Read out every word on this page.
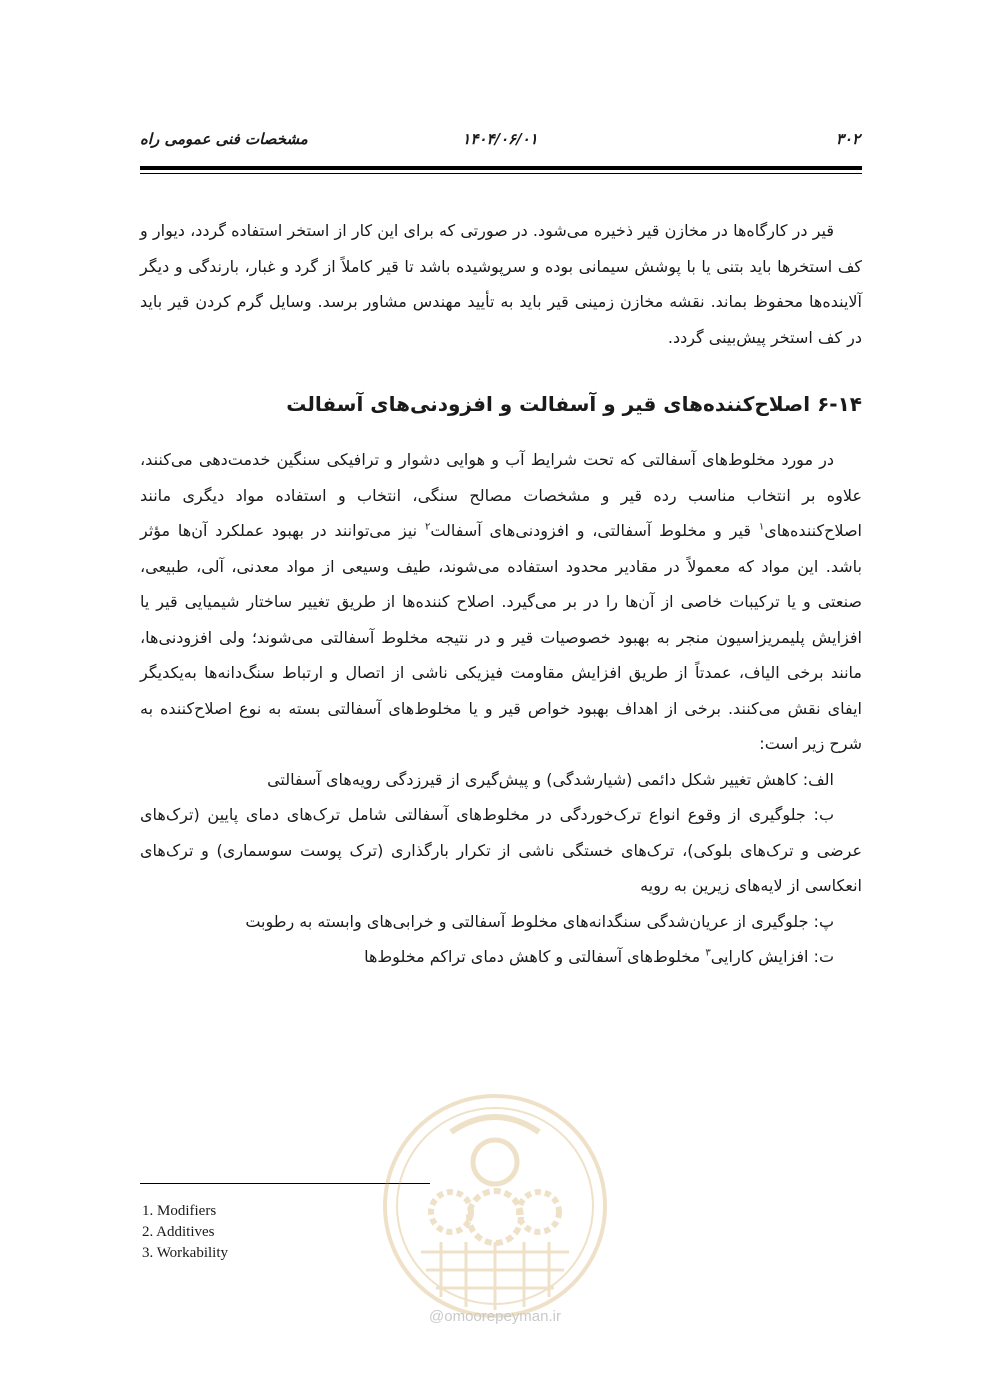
مشخصات فنی عمومی راه	۱۴۰۴/۰۶/۰۱	۳۰۲

قیر در کارگاه‌ها در مخازن قیر ذخیره می‌شود. در صورتی که برای این کار از استخر استفاده گردد، دیوار و کف استخرها باید بتنی یا با پوشش سیمانی بوده و سرپوشیده باشد تا قیر کاملاً از گرد و غبار، بارندگی و دیگر آلاینده‌ها محفوظ بماند. نقشه مخازن زمینی قیر باید به تأیید مهندس مشاور برسد. وسایل گرم کردن قیر باید در کف استخر پیش‌بینی گردد.

۶-۱۴ اصلاح‌کننده‌های قیر و آسفالت و افزودنی‌های آسفالت

در مورد مخلوط‌های آسفالتی که تحت شرایط آب و هوایی دشوار و ترافیکی سنگین خدمت‌دهی می‌کنند، علاوه بر انتخاب مناسب رده قیر و مشخصات مصالح سنگی، انتخاب و استفاده مواد دیگری مانند اصلاح‌کننده‌های$^۱$ قیر و مخلوط آسفالتی، و افزودنی‌های آسفالت$^۲$ نیز می‌توانند در بهبود عملکرد آن‌ها مؤثر باشد. این مواد که معمولاً در مقادیر محدود استفاده می‌شوند، طیف وسیعی از مواد معدنی، آلی، طبیعی، صنعتی و یا ترکیبات خاصی از آن‌ها را در بر می‌گیرد. اصلاح کننده‌ها از طریق تغییر ساختار شیمیایی قیر یا افزایش پلیمریزاسیون منجر به بهبود خصوصیات قیر و در نتیجه مخلوط آسفالتی می‌شوند؛ ولی افزودنی‌ها، مانند برخی الیاف، عمدتاً از طریق افزایش مقاومت فیزیکی ناشی از اتصال و ارتباط سنگ‌دانه‌ها به‌یکدیگر ایفای نقش می‌کنند. برخی از اهداف بهبود خواص قیر و یا مخلوط‌های آسفالتی بسته به نوع اصلاح‌کننده به شرح زیر است:

الف: کاهش تغییر شکل دائمی (شیارشدگی) و پیش‌گیری از قیرزدگی رویه‌های آسفالتی

ب: جلوگیری از وقوع انواع ترک‌خوردگی در مخلوط‌های آسفالتی شامل ترک‌های دمای پایین (ترک‌های عرضی و ترک‌های بلوکی)، ترک‌های خستگی ناشی از تکرار بارگذاری (ترک پوست سوسماری) و ترک‌های انعکاسی از لایه‌های زیرین به رویه

پ: جلوگیری از عریان‌شدگی سنگدانه‌های مخلوط آسفالتی و خرابی‌های وابسته به رطوبت

ت: افزایش کارایی$^۳$ مخلوط‌های آسفالتی و کاهش دمای تراکم مخلوط‌ها

1. Modifiers
2. Additives
3. Workability
@omoorepeyman.ir
